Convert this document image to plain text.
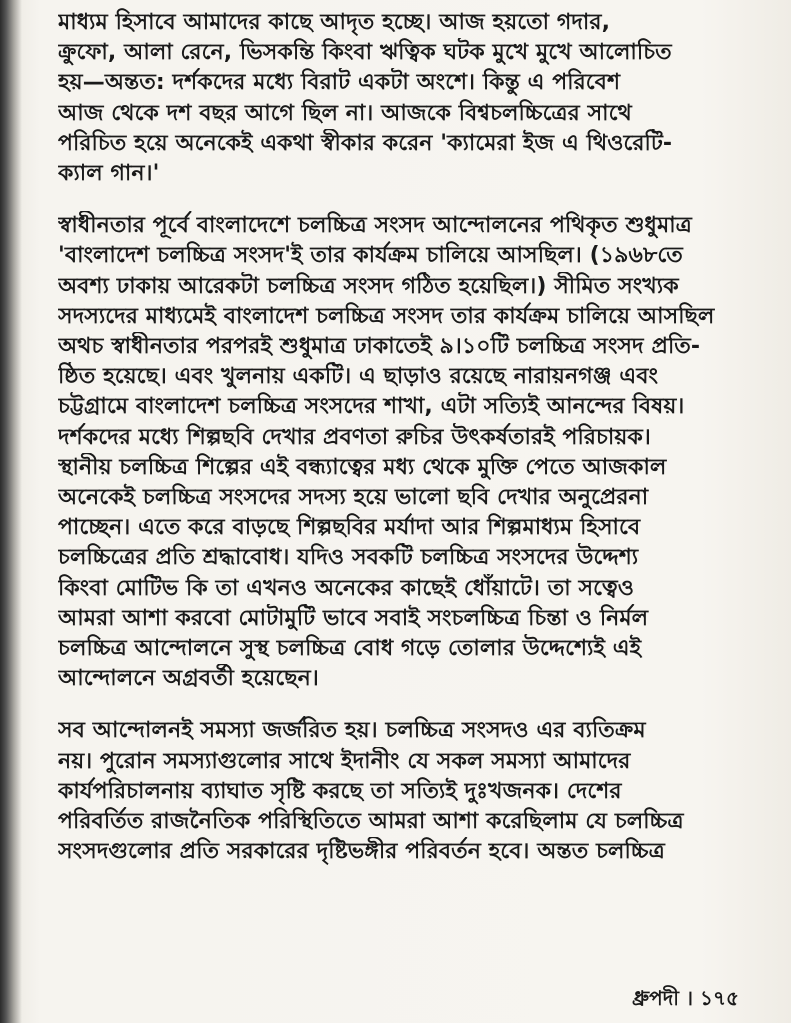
মাধ্যম হিসাবে আমাদের কাছে আদৃত হচ্ছে। আজ হয়তো গদার,
ক্রুফো, আলা রেনে, ভিসকন্তি কিংবা ঋত্বিক ঘটক মুখে মুখে আলোচিত
হয়—অন্তত: দর্শকদের মধ্যে বিরাট একটা অংশে। কিন্তু এ পরিবেশ
আজ থেকে দশ বছর আগে ছিল না। আজকে বিশ্বচলচ্চিত্রের সাথে
পরিচিত হয়ে অনেকেই একথা স্বীকার করেন 'ক্যামেরা ইজ এ থিওরেটি-
ক্যাল গান।'

স্বাধীনতার পূর্বে বাংলাদেশে চলচ্চিত্র সংসদ আন্দোলনের পথিকৃত শুধুমাত্র
'বাংলাদেশ চলচ্চিত্র সংসদ'ই তার কার্যক্রম চালিয়ে আসছিল। (১৯৬৮তে
অবশ্য ঢাকায় আরেকটা চলচ্চিত্র সংসদ গঠিত হয়েছিল।) সীমিত সংখ্যক
সদস্যদের মাধ্যমেই বাংলাদেশ চলচ্চিত্র সংসদ তার কার্যক্রম চালিয়ে আসছিল
অথচ স্বাধীনতার পরপরই শুধুমাত্র ঢাকাতেই ৯।১০টি চলচ্চিত্র সংসদ প্রতি-
ষ্ঠিত হয়েছে। এবং খুলনায় একটি। এ ছাড়াও রয়েছে নারায়নগঞ্জ এবং
চট্টগ্রামে বাংলাদেশ চলচ্চিত্র সংসদের শাখা, এটা সত্যিই আনন্দের বিষয়।
দর্শকদের মধ্যে শিল্পছবি দেখার প্রবণতা রুচির উৎকর্ষতারই পরিচায়ক।
স্থানীয় চলচ্চিত্র শিল্পের এই বন্ধ্যাত্বের মধ্য থেকে মুক্তি পেতে আজকাল
অনেকেই চলচ্চিত্র সংসদের সদস্য হয়ে ভালো ছবি দেখার অনুপ্রেরনা
পাচ্ছেন। এতে করে বাড়ছে শিল্পছবির মর্যাদা আর শিল্পমাধ্যম হিসাবে
চলচ্চিত্রের প্রতি শ্রদ্ধাবোধ। যদিও সবকটি চলচ্চিত্র সংসদের উদ্দেশ্য
কিংবা মোটিভ কি তা এখনও অনেকের কাছেই ধোঁয়াটে। তা সত্বেও
আমরা আশা করবো মোটামুটি ভাবে সবাই সংচলচ্চিত্র চিন্তা ও নির্মল
চলচ্চিত্র আন্দোলনে সুস্থ চলচ্চিত্র বোধ গড়ে তোলার উদ্দেশ্যেই এই
আন্দোলনে অগ্রবর্তী হয়েছেন।

সব আন্দোলনই সমস্যা জর্জরিত হয়। চলচ্চিত্র সংসদও এর ব্যতিক্রম
নয়। পুরোন সমস্যাগুলোর সাথে ইদানীং যে সকল সমস্যা আমাদের
কার্যপরিচালনায় ব্যাঘাত সৃষ্টি করছে তা সত্যিই দুঃখজনক। দেশের
পরিবর্তিত রাজনৈতিক পরিস্থিতিতে আমরা আশা করেছিলাম যে চলচ্চিত্র
সংসদগুলোর প্রতি সরকারের দৃষ্টিভঙ্গীর পরিবর্তন হবে। অন্তত চলচ্চিত্র

ধ্রুপদী । ১৭৫
